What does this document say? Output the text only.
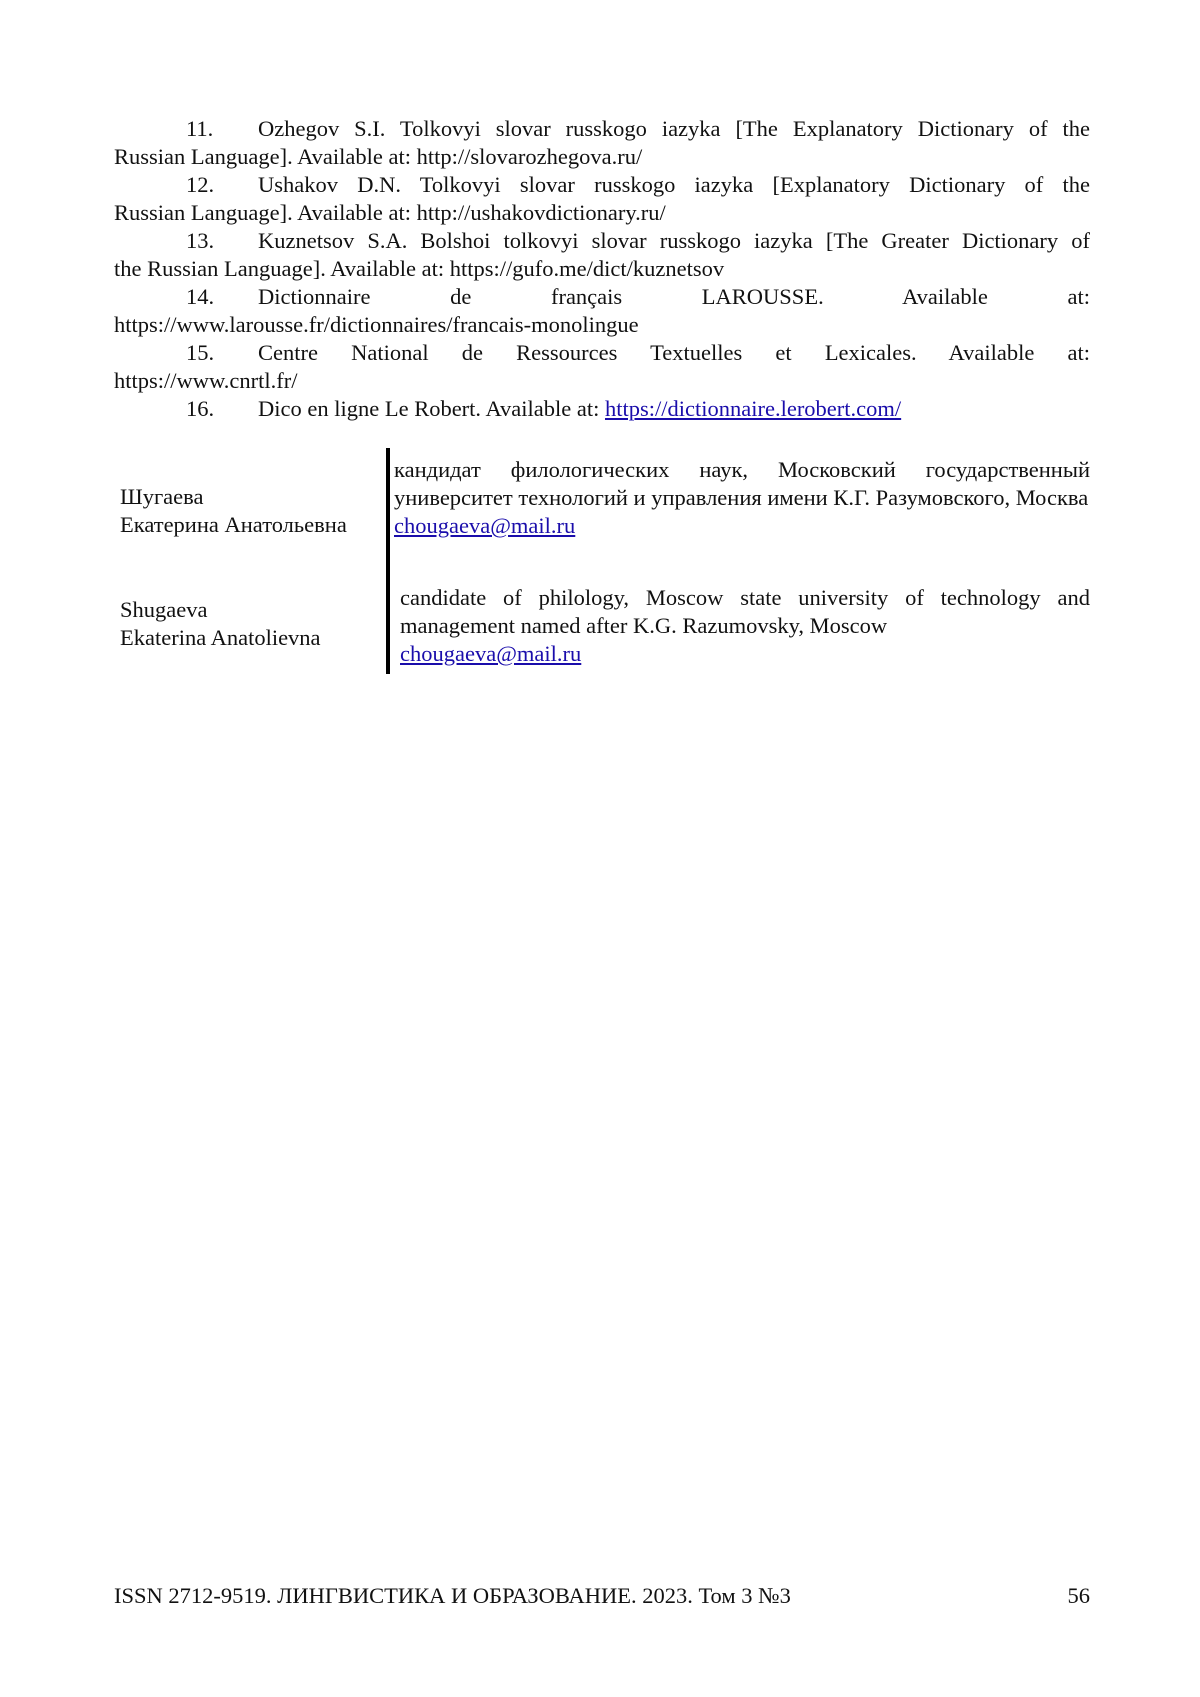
11. Ozhegov S.I. Tolkovyi slovar russkogo iazyka [The Explanatory Dictionary of the
Russian Language]. Available at: http://slovarozhegova.ru/

12. Ushakov D.N. Tolkovyi slovar russkogo iazyka [Explanatory Dictionary of the
Russian Language]. Available at: http://ushakovdictionary.ru/

13. Kuznetsov S.A. Bolshoi tolkovyi slovar russkogo iazyka [The Greater Dictionary of
the Russian Language]. Available at: https://gufo.me/dict/kuznetsov

14. Dictionnaire de français LAROUSSE. Available at:
https://www.larousse.fr/dictionnaires/francais-monolingue

15. Centre National de Ressources Textuelles et Lexicales. Available at:
https://www.cnrtl.fr/

16. Dico en ligne Le Robert. Available at: https://dictionnaire.lerobert.com/

Шугаева
Екатерина Анатольевна
кандидат филологических наук, Московский государственный университет технологий и управления имени К.Г. Разумовского, Москва
chougaeva@mail.ru
Shugaeva
Ekaterina Anatolievna
candidate of philology, Moscow state university of technology and management named after K.G. Razumovsky, Moscow
chougaeva@mail.ru
ISSN 2712-9519. ЛИНГВИСТИКА И ОБРАЗОВАНИЕ. 2023. Том 3 №3	56
